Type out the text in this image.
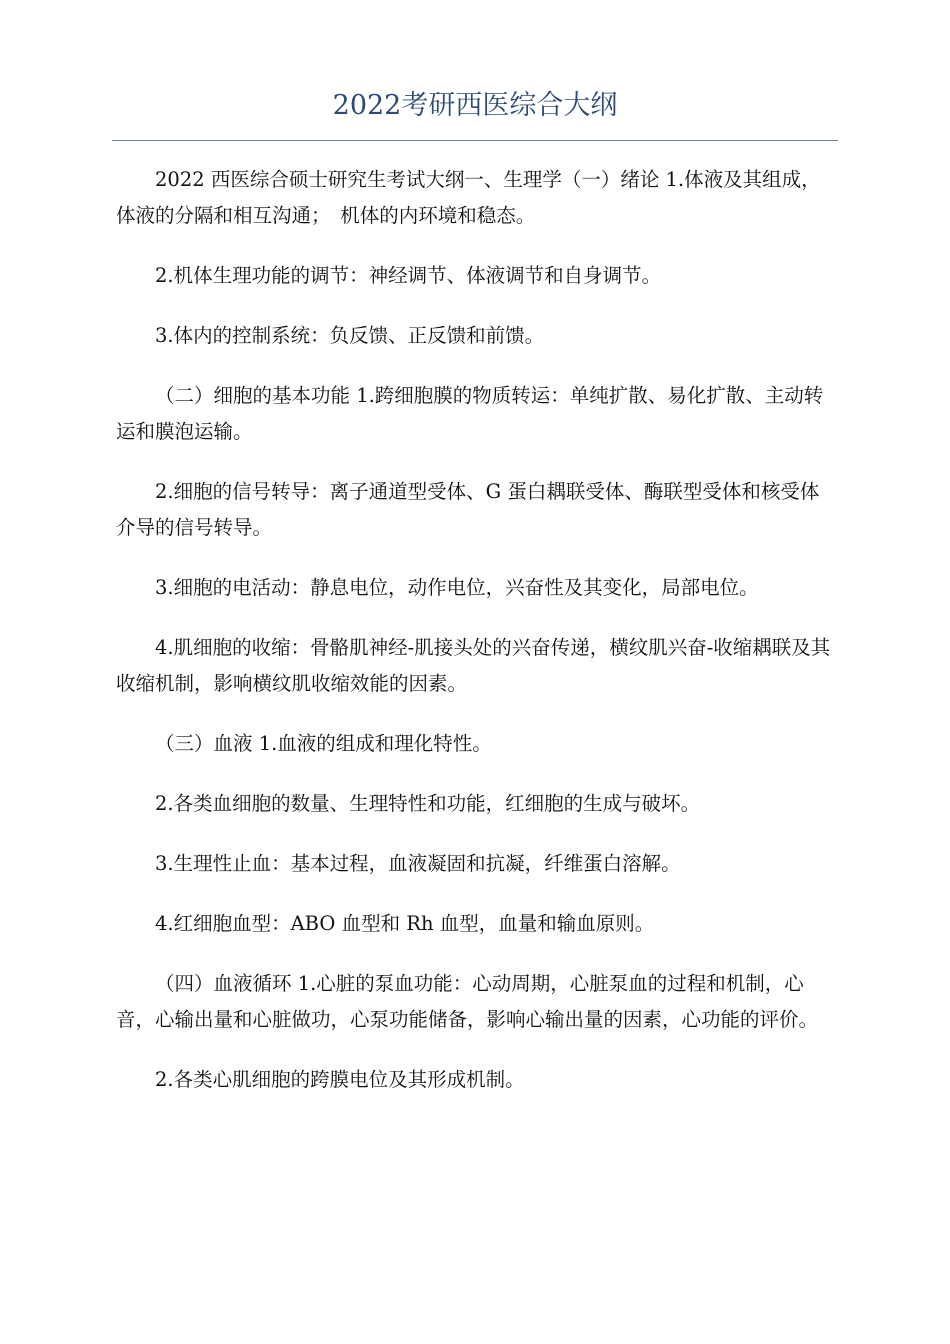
2022考研西医综合大纲

2022 西医综合硕士研究生考试大纲一、生理学（一）绪论 1.体液及其组成，体液的分隔和相互沟通；　机体的内环境和稳态。

2.机体生理功能的调节：神经调节、体液调节和自身调节。

3.体内的控制系统：负反馈、正反馈和前馈。

（二）细胞的基本功能 1.跨细胞膜的物质转运：单纯扩散、易化扩散、主动转运和膜泡运输。

2.细胞的信号转导：离子通道型受体、G 蛋白耦联受体、酶联型受体和核受体介导的信号转导。

3.细胞的电活动：静息电位，动作电位，兴奋性及其变化，局部电位。

4.肌细胞的收缩：骨骼肌神经-肌接头处的兴奋传递，横纹肌兴奋-收缩耦联及其收缩机制，影响横纹肌收缩效能的因素。

（三）血液 1.血液的组成和理化特性。

2.各类血细胞的数量、生理特性和功能，红细胞的生成与破坏。

3.生理性止血：基本过程，血液凝固和抗凝，纤维蛋白溶解。

4.红细胞血型：ABO 血型和 Rh 血型，血量和输血原则。

（四）血液循环 1.心脏的泵血功能：心动周期，心脏泵血的过程和机制，心音，心输出量和心脏做功，心泵功能储备，影响心输出量的因素，心功能的评价。

2.各类心肌细胞的跨膜电位及其形成机制。
